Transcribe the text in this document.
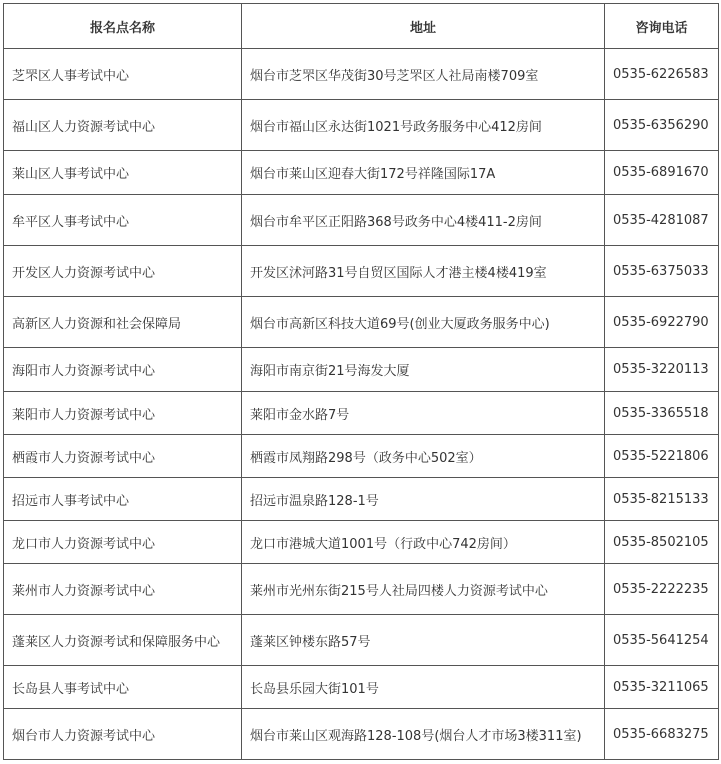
报名点名称	地址	咨询电话
芝罘区人事考试中心	烟台市芝罘区华茂街30号芝罘区人社局南楼709室	0535-6226583
福山区人力资源考试中心	烟台市福山区永达街1021号政务服务中心412房间	0535-6356290
莱山区人事考试中心	烟台市莱山区迎春大街172号祥隆国际17A	0535-6891670
牟平区人事考试中心	烟台市牟平区正阳路368号政务中心4楼411-2房间	0535-4281087
开发区人力资源考试中心	开发区沭河路31号自贸区国际人才港主楼4楼419室	0535-6375033
高新区人力资源和社会保障局	烟台市高新区科技大道69号(创业大厦政务服务中心)	0535-6922790
海阳市人力资源考试中心	海阳市南京街21号海发大厦	0535-3220113
莱阳市人力资源考试中心	莱阳市金水路7号	0535-3365518
栖霞市人力资源考试中心	栖霞市凤翔路298号（政务中心502室）	0535-5221806
招远市人事考试中心	招远市温泉路128-1号	0535-8215133
龙口市人力资源考试中心	龙口市港城大道1001号（行政中心742房间）	0535-8502105
莱州市人力资源考试中心	莱州市光州东街215号人社局四楼人力资源考试中心	0535-2222235
蓬莱区人力资源考试和保障服务中心	蓬莱区钟楼东路57号	0535-5641254
长岛县人事考试中心	长岛县乐园大街101号	0535-3211065
烟台市人力资源考试中心	烟台市莱山区观海路128-108号(烟台人才市场3楼311室)	0535-6683275
